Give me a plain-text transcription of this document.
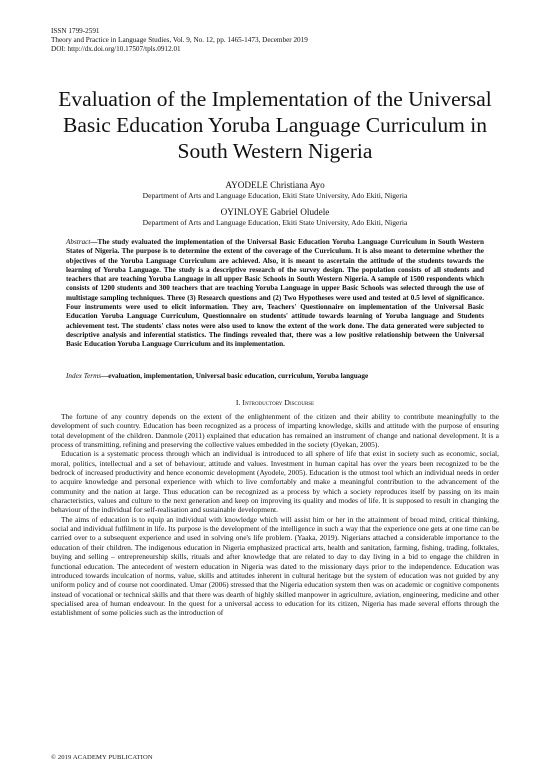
ISSN 1799-2591
Theory and Practice in Language Studies, Vol. 9, No. 12, pp. 1465-1473, December 2019
DOI: http://dx.doi.org/10.17507/tpls.0912.01
Evaluation of the Implementation of the Universal Basic Education Yoruba Language Curriculum in South Western Nigeria
AYODELE Christiana Ayo
Department of Arts and Language Education, Ekiti State University, Ado Ekiti, Nigeria
OYINLOYE Gabriel Oludele
Department of Arts and Language Education, Ekiti State University, Ado Ekiti, Nigeria
Abstract—The study evaluated the implementation of the Universal Basic Education Yoruba Language Curriculum in South Western States of Nigeria. The purpose is to determine the extent of the coverage of the Curriculum. It is also meant to determine whether the objectives of the Yoruba Language Curriculum are achieved. Also, it is meant to ascertain the attitude of the students towards the learning of Yoruba Language. The study is a descriptive research of the survey design. The population consists of all students and teachers that are teaching Yoruba Language in all upper Basic Schools in South Western Nigeria. A sample of 1500 respondents which consists of 1200 students and 300 teachers that are teaching Yoruba Language in upper Basic Schools was selected through the use of multistage sampling techniques. Three (3) Research questions and (2) Two Hypotheses were used and tested at 0.5 level of significance. Four instruments were used to elicit information. They are, Teachers' Questionnaire on implementation of the Universal Basic Education Yoruba Language Curriculum, Questionnaire on students' attitude towards learning of Yoruba language and Students achievement test. The students' class notes were also used to know the extent of the work done. The data generated were subjected to descriptive analysis and inferential statistics. The findings revealed that, there was a low positive relationship between the Universal Basic Education Yoruba Language Curriculum and its implementation.
Index Terms—evaluation, implementation, Universal basic education, curriculum, Yoruba language
I. Introductory Discourse

The fortune of any country depends on the extent of the enlightenment of the citizen and their ability to contribute meaningfully to the development of such country. Education has been recognized as a process of imparting knowledge, skills and attitude with the purpose of ensuring total development of the children. Danmole (2011) explained that education has remained an instrument of change and national development. It is a process of transmitting, refining and preserving the collective values embedded in the society (Oyekan, 2005).

Education is a systematic process through which an individual is introduced to all sphere of life that exist in society such as economic, social, moral, politics, intellectual and a set of behaviour, attitude and values. Investment in human capital has over the years been recognized to be the bedrock of increased productivity and hence economic development (Ayodele, 2005). Education is the utmost tool which an individual needs in order to acquire knowledge and personal experience with which to live comfortably and make a meaningful contribution to the advancement of the community and the nation at large. Thus education can be recognized as a process by which a society reproduces itself by passing on its main characteristics, values and culture to the next generation and keep on improving its quality and modes of life. It is supposed to result in changing the behaviour of the individual for self-realisation and sustainable development.

The aims of education is to equip an individual with knowledge which will assist him or her in the attainment of broad mind, critical thinking, social and individual fulfilment in life. Its purpose is the development of the intelligence in such a way that the experience one gets at one time can be carried over to a subsequent experience and used in solving one's life problem. (Yaaka, 2019). Nigerians attached a considerable importance to the education of their children. The indigenous education in Nigeria emphasized practical arts, health and sanitation, farming, fishing, trading, folktales, buying and selling – entrepreneurship skills, rituals and after knowledge that are related to day to day living in a bid to engage the children in functional education. The antecedent of western education in Nigeria was dated to the missionary days prior to the independence. Education was introduced towards inculcation of norms, value, skills and attitudes inherent in cultural heritage but the system of education was not guided by any uniform policy and of course not coordinated. Umar (2006) stressed that the Nigeria education system then was on academic or cognitive components instead of vocational or technical skills and that there was dearth of highly skilled manpower in agriculture, aviation, engineering, medicine and other specialised area of human endeavour. In the quest for a universal access to education for its citizen, Nigeria has made several efforts through the establishment of some policies such as the introduction of

© 2019 ACADEMY PUBLICATION
